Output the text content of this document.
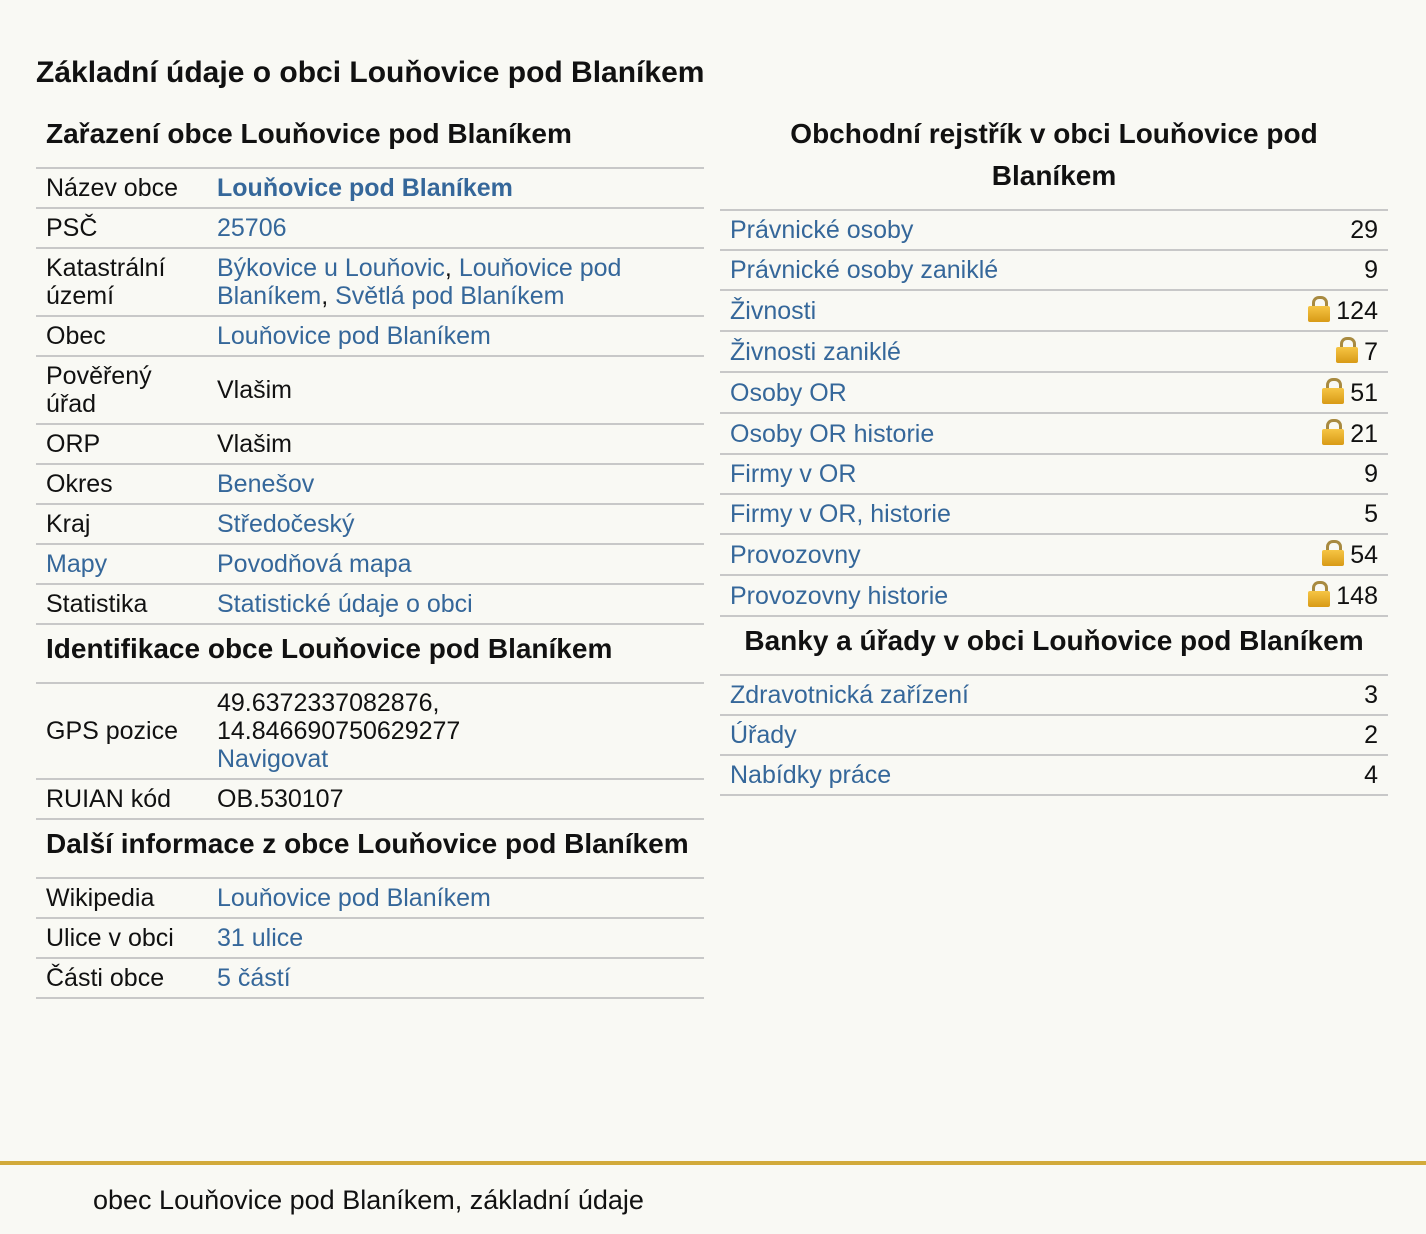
Základní údaje o obci Louňovice pod Blaníkem
Zařazení obce Louňovice pod Blaníkem
Název obce	Louňovice pod Blaníkem
PSČ	25706
Katastrální území	Býkovice u Louňovic, Louňovice pod Blaníkem, Světlá pod Blaníkem
Obec	Louňovice pod Blaníkem
Pověřený úřad	Vlašim
ORP	Vlašim
Okres	Benešov
Kraj	Středočeský
Mapy	Povodňová mapa
Statistika	Statistické údaje o obci
Identifikace obce Louňovice pod Blaníkem
GPS pozice	49.6372337082876,
14.846690750629277
Navigovat
RUIAN kód	OB.530107
Další informace z obce Louňovice pod Blaníkem
Wikipedia	Louňovice pod Blaníkem
Ulice v obci	31 ulice
Části obce	5 částí
Obchodní rejstřík v obci Louňovice pod Blaníkem
Právnické osoby	29
Právnické osoby zaniklé	9
Živnosti	124
Živnosti zaniklé	7
Osoby OR	51
Osoby OR historie	21
Firmy v OR	9
Firmy v OR, historie	5
Provozovny	54
Provozovny historie	148
Banky a úřady v obci Louňovice pod Blaníkem
Zdravotnická zařízení	3
Úřady	2
Nabídky práce	4
obec Louňovice pod Blaníkem, základní údaje
